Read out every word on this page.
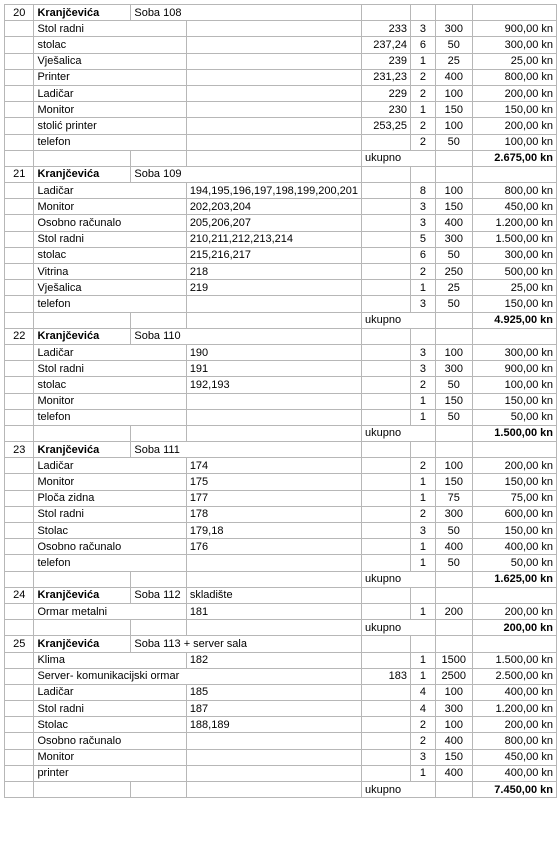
20	Kranjčevića	Soba 108					
	Stol radni			233	3	300	900,00 kn
	stolac			237,24	6	50	300,00 kn
	Vješalica			239	1	25	25,00 kn
	Printer			231,23	2	400	800,00 kn
	Ladičar			229	2	100	200,00 kn
	Monitor			230	1	150	150,00 kn
	stolić printer			253,25	2	100	200,00 kn
	telefon				2	50	100,00 kn
				ukupno			2.675,00 kn
21	Kranjčevića	Soba 109					
	Ladičar		194,195,196,197,198,199,200,201		8	100	800,00 kn
	Monitor		202,203,204		3	150	450,00 kn
	Osobno računalo		205,206,207		3	400	1.200,00 kn
	Stol radni		210,211,212,213,214		5	300	1.500,00 kn
	stolac		215,216,217		6	50	300,00 kn
	Vitrina		218		2	250	500,00 kn
	Vješalica		219		1	25	25,00 kn
	telefon				3	50	150,00 kn
				ukupno			4.925,00 kn
22	Kranjčevića	Soba 110					
	Ladičar		190		3	100	300,00 kn
	Stol radni		191		3	300	900,00 kn
	stolac		192,193		2	50	100,00 kn
	Monitor				1	150	150,00 kn
	telefon				1	50	50,00 kn
				ukupno			1.500,00 kn
23	Kranjčevića	Soba 111					
	Ladičar		174		2	100	200,00 kn
	Monitor		175		1	150	150,00 kn
	Ploča zidna		177		1	75	75,00 kn
	Stol radni		178		2	300	600,00 kn
	Stolac		179,18		3	50	150,00 kn
	Osobno računalo		176		1	400	400,00 kn
	telefon				1	50	50,00 kn
				ukupno			1.625,00 kn
24	Kranjčevića	Soba 112	skladište				
	Ormar metalni		181		1	200	200,00 kn
				ukupno			200,00 kn
25	Kranjčevića	Soba 113 + server sala					
	Klima		182		1	1500	1.500,00 kn
	Server- komunikacijski ormar			183	1	2500	2.500,00 kn
	Ladičar		185		4	100	400,00 kn
	Stol radni		187		4	300	1.200,00 kn
	Stolac		188,189		2	100	200,00 kn
	Osobno računalo				2	400	800,00 kn
	Monitor				3	150	450,00 kn
	printer				1	400	400,00 kn
				ukupno			7.450,00 kn
